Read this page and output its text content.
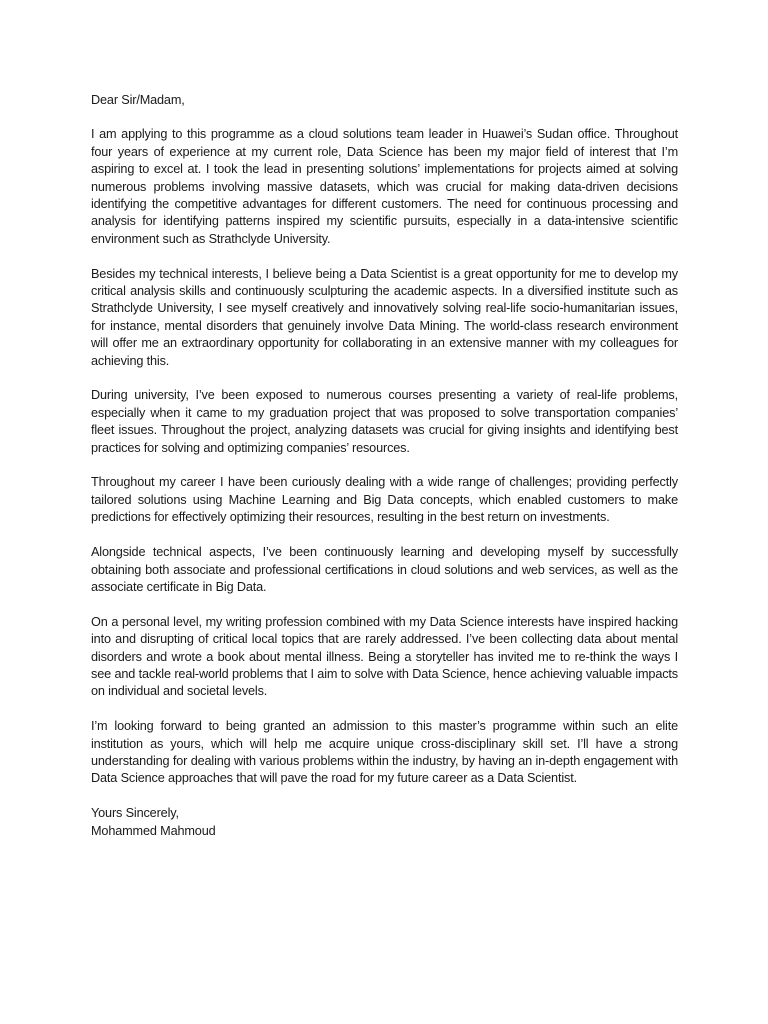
Dear Sir/Madam,

I am applying to this programme as a cloud solutions team leader in Huawei’s Sudan office. Throughout four years of experience at my current role, Data Science has been my major field of interest that I’m aspiring to excel at. I took the lead in presenting solutions’ implementations for projects aimed at solving numerous problems involving massive datasets, which was crucial for making data-driven decisions identifying the competitive advantages for different customers. The need for continuous processing and analysis for identifying patterns inspired my scientific pursuits, especially in a data-intensive scientific environment such as Strathclyde University.

Besides my technical interests, I believe being a Data Scientist is a great opportunity for me to develop my critical analysis skills and continuously sculpturing the academic aspects. In a diversified institute such as Strathclyde University, I see myself creatively and innovatively solving real-life socio-humanitarian issues, for instance, mental disorders that genuinely involve Data Mining. The world-class research environment will offer me an extraordinary opportunity for collaborating in an extensive manner with my colleagues for achieving this.

During university, I’ve been exposed to numerous courses presenting a variety of real-life problems, especially when it came to my graduation project that was proposed to solve transportation companies’ fleet issues. Throughout the project, analyzing datasets was crucial for giving insights and identifying best practices for solving and optimizing companies’ resources.

Throughout my career I have been curiously dealing with a wide range of challenges; providing perfectly tailored solutions using Machine Learning and Big Data concepts, which enabled customers to make predictions for effectively optimizing their resources, resulting in the best return on investments.

Alongside technical aspects, I’ve been continuously learning and developing myself by successfully obtaining both associate and professional certifications in cloud solutions and web services, as well as the associate certificate in Big Data.

On a personal level, my writing profession combined with my Data Science interests have inspired hacking into and disrupting of critical local topics that are rarely addressed. I’ve been collecting data about mental disorders and wrote a book about mental illness. Being a storyteller has invited me to re-think the ways I see and tackle real-world problems that I aim to solve with Data Science, hence achieving valuable impacts on individual and societal levels.

I’m looking forward to being granted an admission to this master’s programme within such an elite institution as yours, which will help me acquire unique cross-disciplinary skill set. I’ll have a strong understanding for dealing with various problems within the industry, by having an in-depth engagement with Data Science approaches that will pave the road for my future career as a Data Scientist.

Yours Sincerely,

Mohammed Mahmoud
